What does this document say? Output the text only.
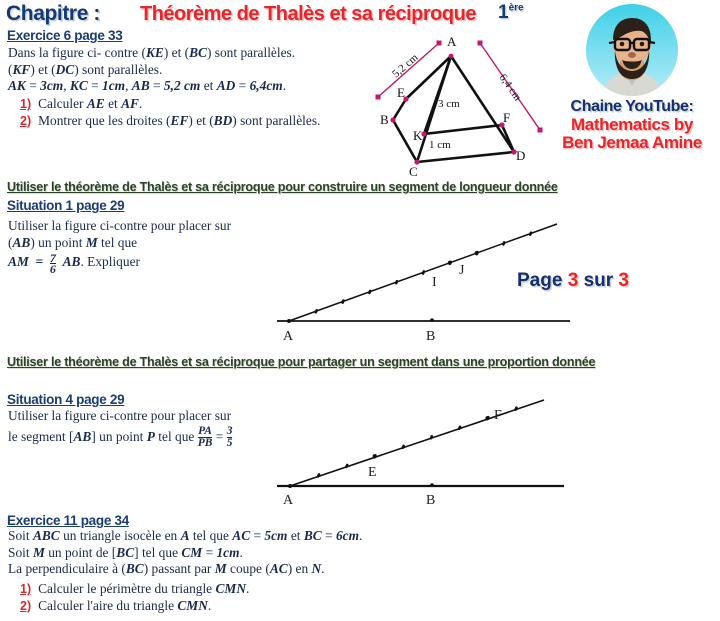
Chapitre : Théorème de Thalès et sa réciproque 1ère
Chaine YouTube:
Mathematics by
Ben Jemaa Amine
Exercice 6 page 33
Dans la figure ci- contre (KE) et (BC) sont parallèles.
(KF) et (DC) sont parallèles.
AK = 3cm, KC = 1cm, AB = 5,2 cm et AD = 6,4cm.
1) Calculer AE et AF.
2) Montrer que les droites (EF) et (BD) sont parallèles.
5,2 cm
6,4 cm
A
E
B
K
C
F
D
3 cm
1 cm
Utiliser le théorème de Thalès et sa réciproque pour construire un segment de longueur donnée
Situation 1 page 29
Utiliser la figure ci-contre pour placer sur
(AB) un point M tel que
AM  = $\frac{7}{6}$ AB. Expliquer
A	B
I
J	Page 3 sur 3
Utiliser le théorème de Thalès et sa réciproque pour partager un segment dans une proportion donnée
Situation 4 page 29
Utiliser la figure ci-contre pour placer sur
le segment [AB] un point P tel que $\frac{PA}{PB} = \frac{3}{5}$
A	B
E
F
Exercice 11 page 34
Soit ABC un triangle isocèle en A tel que AC = 5cm et BC = 6cm.
Soit M un point de [BC] tel que CM = 1cm.
La perpendiculaire à (BC) passant par M coupe (AC) en N.
1) Calculer le périmètre du triangle CMN.
2) Calculer l'aire du triangle CMN.
